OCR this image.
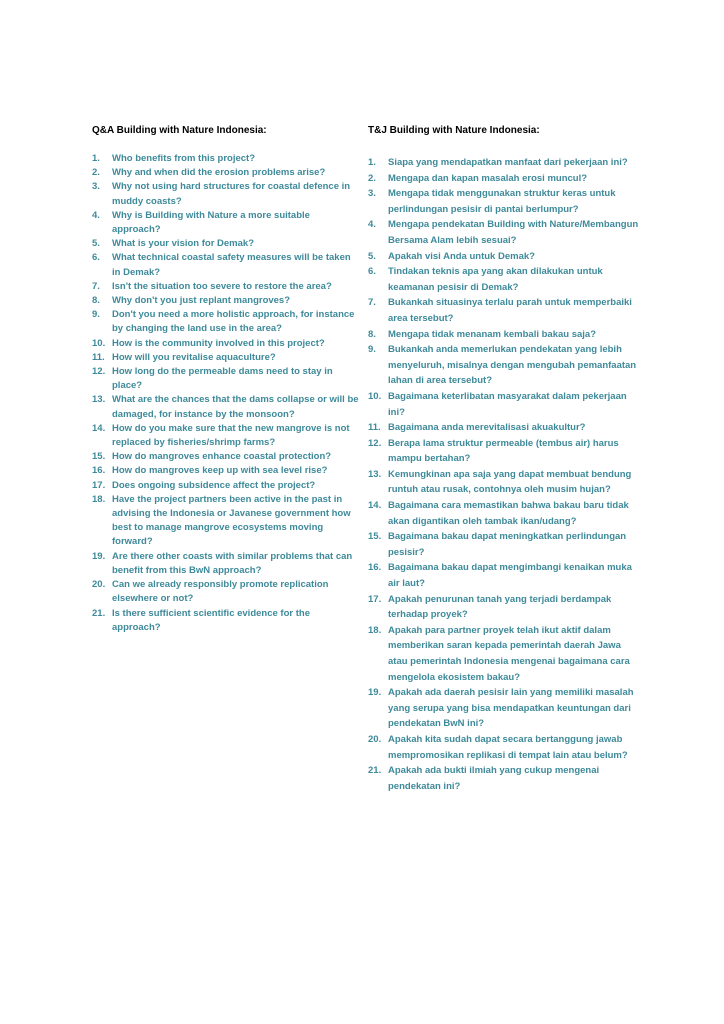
Q&A Building with Nature Indonesia:

1. Who benefits from this project?
2. Why and when did the erosion problems arise?
3. Why not using hard structures for coastal defence in muddy coasts?
4. Why is Building with Nature a more suitable approach?
5. What is your vision for Demak?
6. What technical coastal safety measures will be taken in Demak?
7. Isn't the situation too severe to restore the area?
8. Why don't you just replant mangroves?
9. Don't you need a more holistic approach, for instance by changing the land use in the area?
10. How is the community involved in this project?
11. How will you revitalise aquaculture?
12. How long do the permeable dams need to stay in place?
13. What are the chances that the dams collapse or will be damaged, for instance by the monsoon?
14. How do you make sure that the new mangrove is not replaced by fisheries/shrimp farms?
15. How do mangroves enhance coastal protection?
16. How do mangroves keep up with sea level rise?
17. Does ongoing subsidence affect the project?
18. Have the project partners been active in the past in advising the Indonesia or Javanese government how best to manage mangrove ecosystems moving forward?
19. Are there other coasts with similar problems that can benefit from this BwN approach?
20. Can we already responsibly promote replication elsewhere or not?
21. Is there sufficient scientific evidence for the approach?

T&J Building with Nature Indonesia:

1. Siapa yang mendapatkan manfaat dari pekerjaan ini?
2. Mengapa dan kapan masalah erosi muncul?
3. Mengapa tidak menggunakan struktur keras untuk perlindungan pesisir di pantai berlumpur?
4. Mengapa pendekatan Building with Nature/Membangun Bersama Alam lebih sesuai?
5. Apakah visi Anda untuk Demak?
6. Tindakan teknis apa yang akan dilakukan untuk keamanan pesisir di Demak?
7. Bukankah situasinya terlalu parah untuk memperbaiki area tersebut?
8. Mengapa tidak menanam kembali bakau saja?
9. Bukankah anda memerlukan pendekatan yang lebih menyeluruh, misalnya dengan mengubah pemanfaatan lahan di area tersebut?
10. Bagaimana keterlibatan masyarakat dalam pekerjaan ini?
11. Bagaimana anda merevitalisasi akuakultur?
12. Berapa lama struktur permeable (tembus air) harus mampu bertahan?
13. Kemungkinan apa saja yang dapat membuat bendung runtuh atau rusak, contohnya oleh musim hujan?
14. Bagaimana cara memastikan bahwa bakau baru tidak akan digantikan oleh tambak ikan/udang?
15. Bagaimana bakau dapat meningkatkan perlindungan pesisir?
16. Bagaimana bakau dapat mengimbangi kenaikan muka air laut?
17. Apakah penurunan tanah yang terjadi berdampak terhadap proyek?
18. Apakah para partner proyek telah ikut aktif dalam memberikan saran kepada pemerintah daerah Jawa atau pemerintah Indonesia mengenai bagaimana cara mengelola ekosistem bakau?
19. Apakah ada daerah pesisir lain yang memiliki masalah yang serupa yang bisa mendapatkan keuntungan dari pendekatan BwN ini?
20. Apakah kita sudah dapat secara bertanggung jawab mempromosikan replikasi di tempat lain atau belum?
21. Apakah ada bukti ilmiah yang cukup mengenai pendekatan ini?
